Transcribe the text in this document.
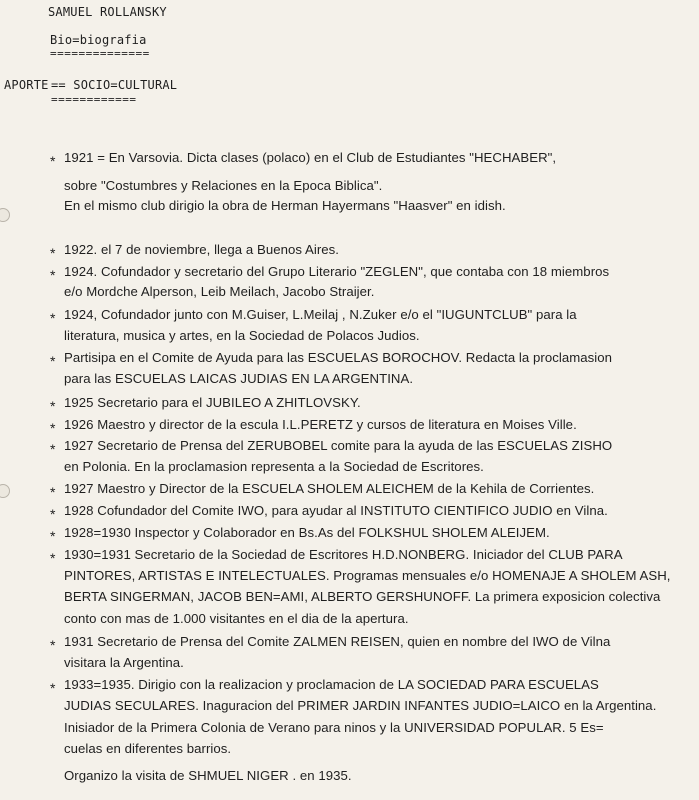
SAMUEL ROLLANSKY
Bio=biografia
==============
APORTE == SOCIO=CULTURAL
============
* 1921 = En Varsovia. Dicta clases (polaco) en el Club de Estudiantes "HECHABER",
sobre "Costumbres y Relaciones en la Epoca Biblica".
En el mismo club dirigio la obra de Herman Hayermans "Haasver" en idish.
* 1922. el 7 de noviembre, llega a Buenos Aires.
* 1924. Cofundador y secretario del Grupo Literario "ZEGLEN", que contaba con 18 miembros
e/o Mordche Alperson, Leib Meilach, Jacobo Straijer.
* 1924, Cofundador junto con M.Guiser, L.Meilaj , N.Zuker e/o el "IUGUNTCLUB" para la
literatura, musica y artes, en la Sociedad de Polacos Judios.
* Partisipa en el Comite de Ayuda para las ESCUELAS BOROCHOV. Redacta la proclamasion
para las ESCUELAS LAICAS JUDIAS EN LA ARGENTINA.
* 1925 Secretario para el JUBILEO A ZHITLOVSKY.
* 1926 Maestro y director de la escula I.L.PERETZ y cursos de literatura en Moises Ville.
* 1927 Secretario de Prensa del ZERUBOBEL comite para la ayuda de las ESCUELAS ZISHO
en Polonia. En la proclamasion representa a la Sociedad de Escritores.
* 1927 Maestro y Director de la ESCUELA SHOLEM ALEICHEM de la Kehila de Corrientes.
* 1928 Cofundador del Comite IWO, para ayudar al INSTITUTO CIENTIFICO JUDIO en Vilna.
* 1928=1930 Inspector y Colaborador en Bs.As del FOLKSHUL SHOLEM ALEIJEM.
* 1930=1931 Secretario de la Sociedad de Escritores H.D.NONBERG. Iniciador del CLUB PARA
PINTORES, ARTISTAS E INTELECTUALES. Programas mensuales e/o HOMENAJE A SHOLEM ASH,
BERTA SINGERMAN, JACOB BEN=AMI, ALBERTO GERSHUNOFF. La primera exposicion colectiva
conto con mas de 1.000 visitantes en el dia de la apertura.
* 1931 Secretario de Prensa del Comite ZALMEN REISEN, quien en nombre del IWO de Vilna
visitara la Argentina.
* 1933=1935. Dirigio con la realizacion y proclamacion de LA SOCIEDAD PARA ESCUELAS
JUDIAS SECULARES. Inaguracion del PRIMER JARDIN INFANTES JUDIO=LAICO en la Argentina.
Inisiador de la Primera Colonia de Verano para ninos y la UNIVERSIDAD POPULAR. 5 Es=
cuelas en diferentes barrios.
Organizo la visita de SHMUEL NIGER . en 1935.
